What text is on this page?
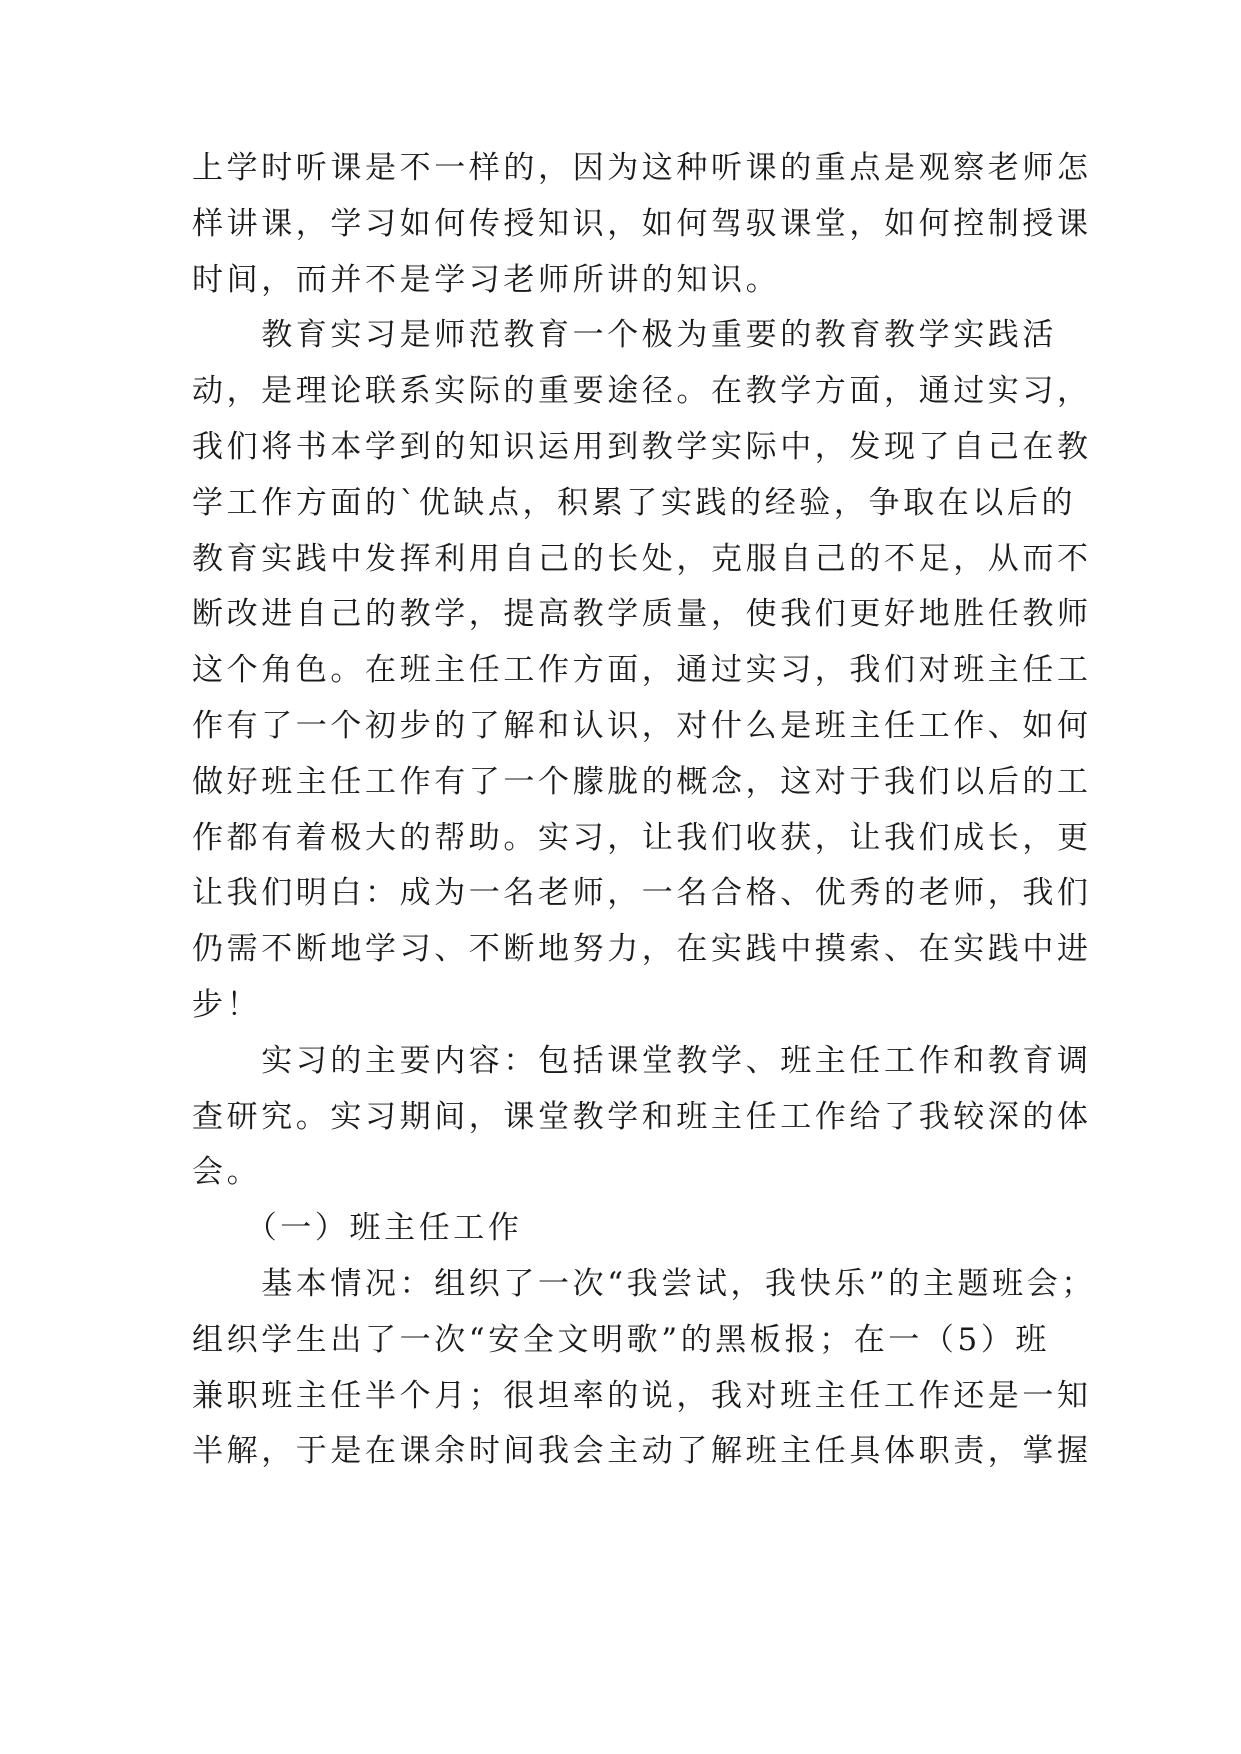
上学时听课是不一样的，因为这种听课的重点是观察老师怎
样讲课，学习如何传授知识，如何驾驭课堂，如何控制授课
时间，而并不是学习老师所讲的知识。
　　教育实习是师范教育一个极为重要的教育教学实践活
动，是理论联系实际的重要途径。在教学方面，通过实习，
我们将书本学到的知识运用到教学实际中，发现了自己在教
学工作方面的`优缺点，积累了实践的经验，争取在以后的
教育实践中发挥利用自己的长处，克服自己的不足，从而不
断改进自己的教学，提高教学质量，使我们更好地胜任教师
这个角色。在班主任工作方面，通过实习，我们对班主任工
作有了一个初步的了解和认识，对什么是班主任工作、如何
做好班主任工作有了一个朦胧的概念，这对于我们以后的工
作都有着极大的帮助。实习，让我们收获，让我们成长，更
让我们明白：成为一名老师，一名合格、优秀的老师，我们
仍需不断地学习、不断地努力，在实践中摸索、在实践中进
步！
　　实习的主要内容：包括课堂教学、班主任工作和教育调
查研究。实习期间，课堂教学和班主任工作给了我较深的体
会。
　　（一）班主任工作
　　基本情况：组织了一次“我尝试，我快乐”的主题班会；
组织学生出了一次“安全文明歌”的黑板报；在一（5）班
兼职班主任半个月；很坦率的说，我对班主任工作还是一知
半解，于是在课余时间我会主动了解班主任具体职责，掌握
